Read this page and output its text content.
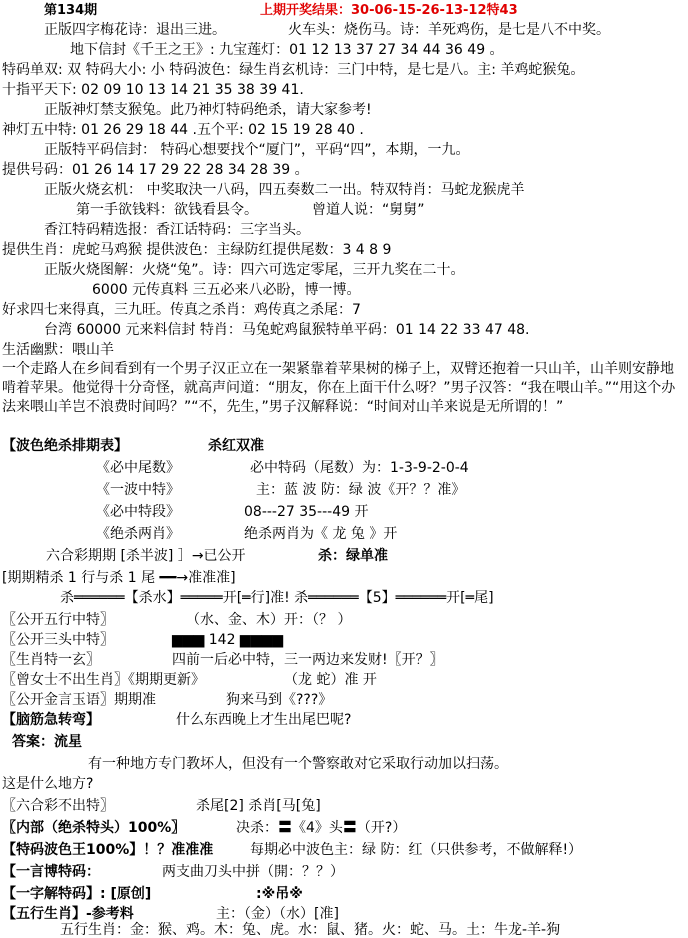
第134期	上期开奖结果：30-06-15-26-13-12特43
正版四字梅花诗：退出三进。	火车头：烧伤马。诗：羊死鸡伤，是七是八不中奖。
地下信封《千王之王》: 九宝莲灯：01 12 13 37 27 34 44 36 49 。
特码单双: 双 特码大小: 小 特码波色：绿生肖玄机诗：三门中特，是七是八。主: 羊鸡蛇猴兔。
十指平天下: 02 09 10 13 14 21 35 38 39 41.
正版神灯禁支猴兔。此乃神灯特码绝杀，请大家参考!
神灯五中特: 01 26 29 18 44 .五个平: 02 15 19 28 40 .
正版特平码信封： 特码心想要找个“厦门”，平码“四”，本期，一九。
提供号码：01 26 14 17 29 22 28 34 28 39 。
正版火烧玄机： 中奖取決一八码，四五奏数二一出。特双特肖：马蛇龙猴虎羊
第一手欲钱料：欲钱看县令。	曾道人说：“舅舅”
香江特码精选报：香江话特码：三字当头。
提供生肖：虎蛇马鸡猴 提供波色：主绿防红提供尾数：3 4 8 9
正版火烧图解：火烧“兔”。诗：四六可选定零尾，三开九奖在二十。
6000 元传真料 三五必来八必盼，博一博。
好求四七来得真，三九旺。传真之杀肖：鸡传真之杀尾：7
台湾 60000 元来料信封 特肖：马兔蛇鸡鼠猴特单平码：01 14 22 33 47 48.
生活幽默：喂山羊
一个走路人在乡间看到有一个男子汉正立在一架紧靠着苹果树的梯子上，双臂还抱着一只山羊，山羊则安静地啃着苹果。他觉得十分奇怪，就高声问道：“朋友，你在上面干什么呀？”男子汉答：“我在喂山羊。”“用这个办法来喂山羊岂不浪费时间吗？”“不，先生，”男子汉解释说：“时间对山羊来说是无所谓的！”
【波色绝杀排期表】	杀红双准
《必中尾数》	必中特码（尾数）为：1-3-9-2-0-4
《一波中特》	主：蓝 波 防：绿 波《开？？准》
《必中特段》	08---27 35---49 开
《绝杀两肖》	绝杀两肖为《 龙 兔 》开
六合彩期期 [杀半波] ］→已公开	杀：绿单准
[期期精杀 1 行与杀 1 尾 ━━→准准准]
杀══════【杀水】═════开[═行]准! 杀══════【5】══════开[═尾]
〖公开五行中特〗	（水、金、木）开：（？ ）
〖公开三头中特〗	▆▆▆ 142 ▆▆▆▆
〖生肖特一玄〗	四前一后必中特，三一两边来发财!〖开？〗
〖曾女士不出生肖〗《期期更新》	（龙 蛇）准 开
〖公开金言玉语〗期期准	狗来马到《???》
【脑筋急转弯】	什么东西晚上才生出尾巴呢?
答案：流星
有一种地方专门教坏人，但没有一个警察敢对它采取行动加以扫荡。
这是什么地方?
〖六合彩不出特〗	杀尾[2] 杀肖[马[兔]
〖内部（绝杀特头）100%〗	决杀：〓《4》头〓（开?）
【特码波色王100%】！？准准准	每期必中波色主：绿 防：红（只供参考，不做解释!）
【一言博特码：	两支曲刀头中拼（開：？？）
【一字解特码】: [原创]	:※吊※
【五行生肖】-参考料	主：（金）（水）[准]
五行生肖：金：猴、鸡。木：兔、虎。水：鼠、猪。火：蛇、马。土：牛龙-羊-狗
